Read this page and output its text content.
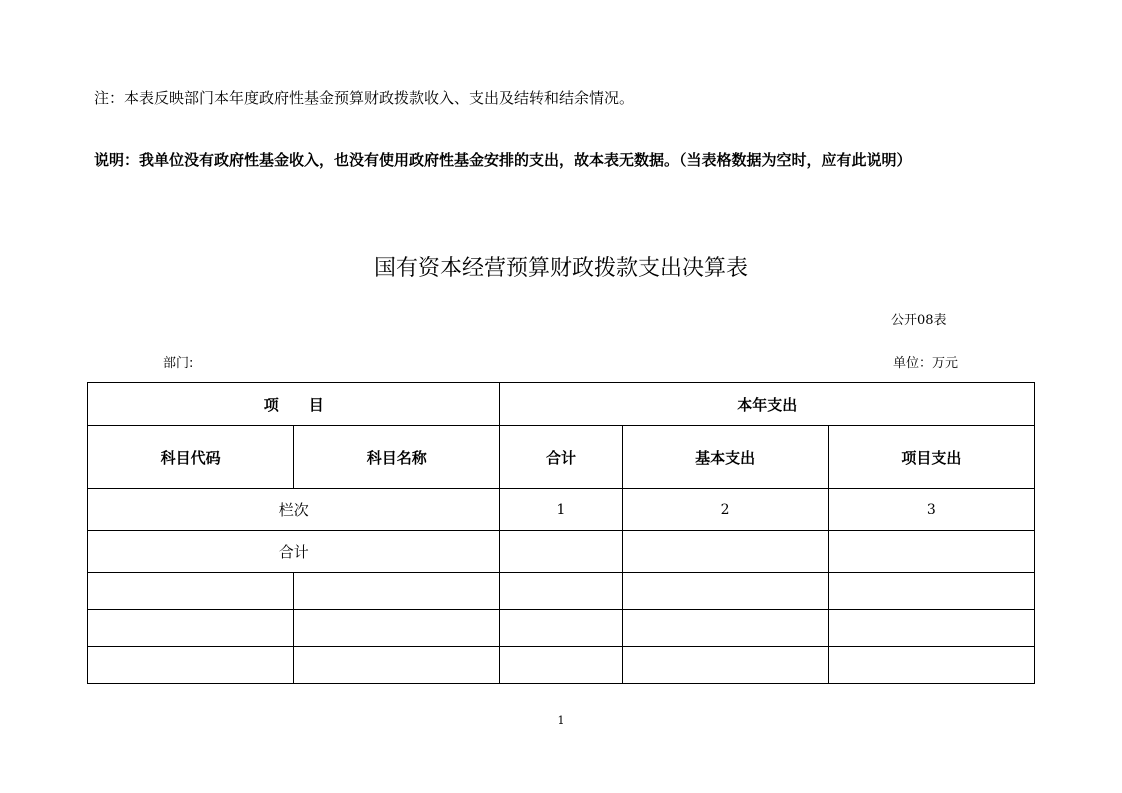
注：本表反映部门本年度政府性基金预算财政拨款收入、支出及结转和结余情况。
说明：我单位没有政府性基金收入，也没有使用政府性基金安排的支出，故本表无数据。（当表格数据为空时，应有此说明）
国有资本经营预算财政拨款支出决算表
公开08表
部门:	单位：万元
项　　目		本年支出		
科目代码	科目名称	合计	基本支出	项目支出
栏次		1	2	3
合计				

1
